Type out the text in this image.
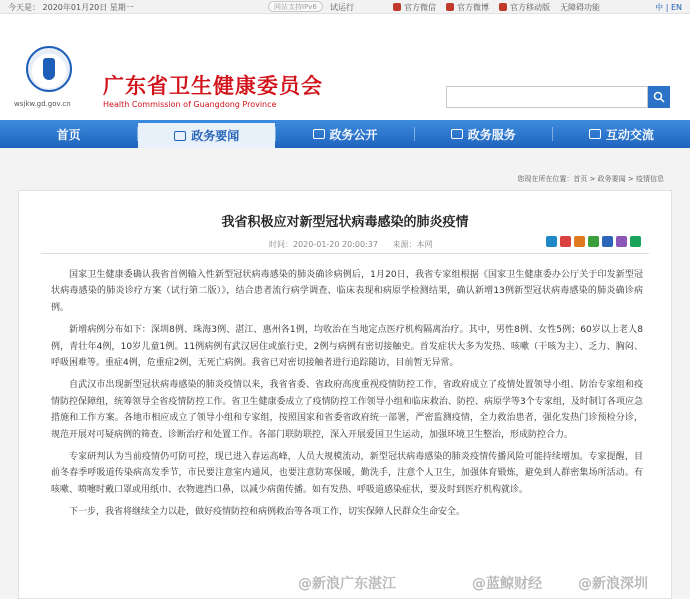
今天是： 2020年01月20日 星期一	网站支持IPv6	试运行	官方微信	官方微博	官方移动版 无障碍功能	中 | EN
wsjkw.gd.gov.cn
广东省卫生健康委员会
Health Commission of Guangdong Province
首页	政务要闻	政务公开	政务服务	互动交流
您现在所在位置：首页 > 政务要闻 > 疫情信息
我省积极应对新型冠状病毒感染的肺炎疫情
时间：2020-01-20 20:00:37 来源：本网

国家卫生健康委确认我省首例输入性新型冠状病毒感染的肺炎确诊病例后，1月20日，我省专家组根据《国家卫生健康委办公厅关于印发新型冠状病毒感染的肺炎诊疗方案（试行第二版）》，结合患者流行病学调查、临床表现和病原学检测结果，确认新增13例新型冠状病毒感染的肺炎确诊病例。

新增病例分布如下：深圳8例、珠海3例、湛江、惠州各1例，均收治在当地定点医疗机构隔离治疗。其中，男性8例、女性5例；60岁以上老人8例，青壮年4例，10岁儿童1例。11例病例有武汉居住或旅行史，2例与病例有密切接触史。首发症状大多为发热、咳嗽（干咳为主）、乏力、胸闷、呼吸困难等。重症4例，危重症2例，无死亡病例。我省已对密切接触者进行追踪随访，目前暂无异常。

自武汉市出现新型冠状病毒感染的肺炎疫情以来，我省省委、省政府高度重视疫情防控工作，省政府成立了疫情处置领导小组、防治专家组和疫情防控保障组，统筹领导全省疫情防控工作。省卫生健康委成立了疫情防控工作领导小组和临床救治、防控、病原学等3个专家组，及时制订各项应急措施和工作方案。各地市相应成立了领导小组和专家组，按照国家和省委省政府统一部署，严密监测疫情，全力救治患者，强化发热门诊预检分诊，规范开展对可疑病例的筛查、诊断治疗和处置工作。各部门联防联控，深入开展爱国卫生运动，加强环境卫生整治，形成防控合力。

专家研判认为当前疫情仍可防可控，现已进入春运高峰，人员大规模流动，新型冠状病毒感染的肺炎疫情传播风险可能持续增加。专家提醒，目前冬春季呼吸道传染病高发季节，市民要注意室内通风，也要注意防寒保暖，勤洗手，注意个人卫生，加强体育锻炼，避免到人群密集场所活动。有咳嗽、喷嚏时戴口罩或用纸巾、衣物遮挡口鼻，以减少病菌传播。如有发热、呼吸道感染症状，要及时到医疗机构就诊。

下一步，我省将继续全力以赴，做好疫情防控和病例救治等各项工作，切实保障人民群众生命安全。

@新浪广东湛江	@蓝鲸财经	@新浪深圳
